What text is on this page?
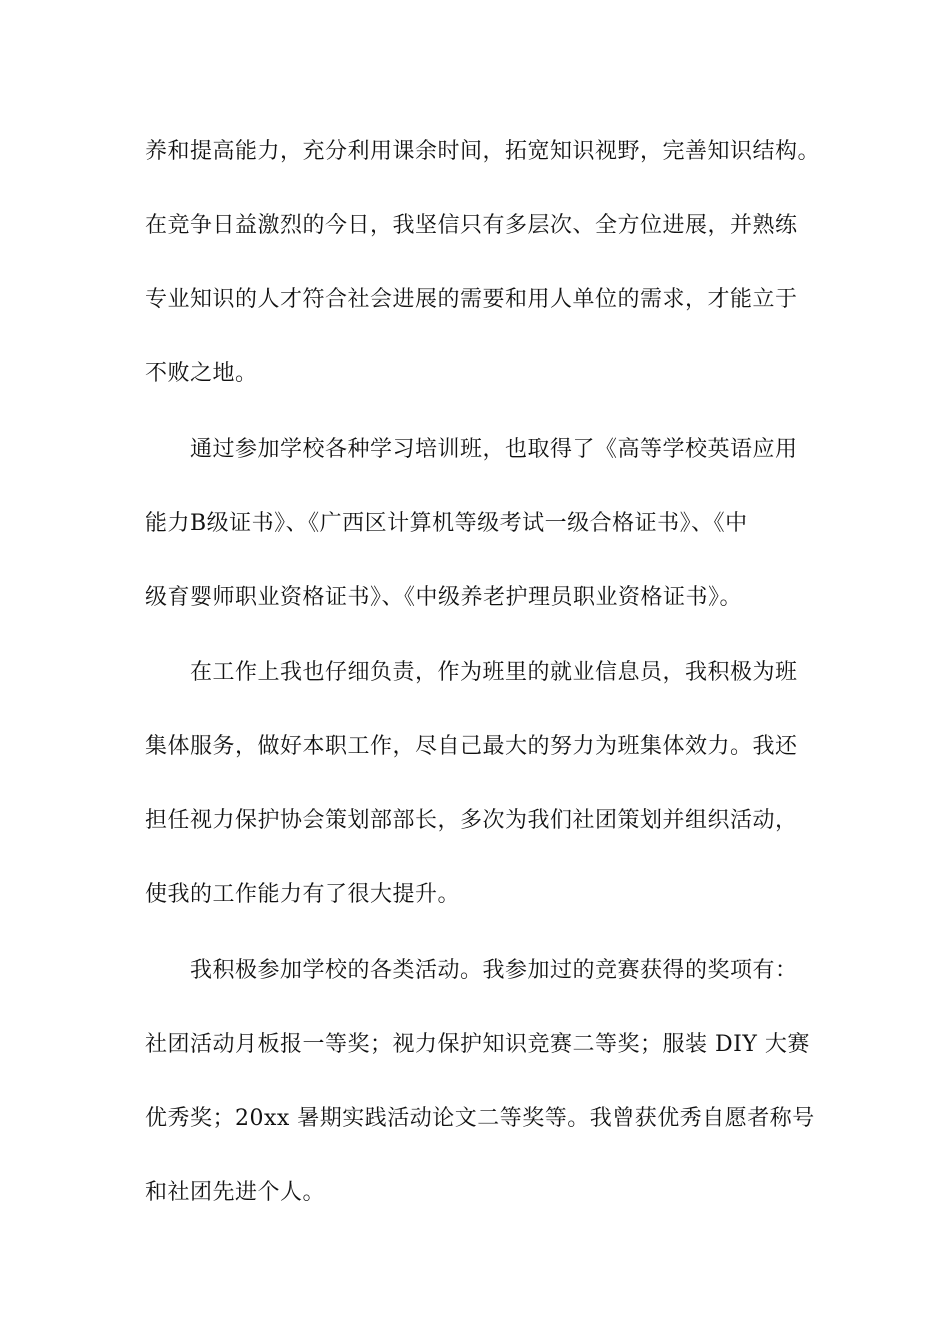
养和提高能力，充分利用课余时间，拓宽知识视野，完善知识结构。
在竞争日益激烈的今日，我坚信只有多层次、全方位进展，并熟练
专业知识的人才符合社会进展的需要和用人单位的需求，才能立于
不败之地。
通过参加学校各种学习培训班，也取得了《高等学校英语应用
能力B级证书》、《广西区计算机等级考试一级合格证书》、《中
级育婴师职业资格证书》、《中级养老护理员职业资格证书》。
在工作上我也仔细负责，作为班里的就业信息员，我积极为班
集体服务，做好本职工作，尽自己最大的努力为班集体效力。我还
担任视力保护协会策划部部长，多次为我们社团策划并组织活动，
使我的工作能力有了很大提升。
我积极参加学校的各类活动。我参加过的竞赛获得的奖项有：
社团活动月板报一等奖；视力保护知识竞赛二等奖；服装 DIY 大赛
优秀奖；20xx 暑期实践活动论文二等奖等。我曾获优秀自愿者称号
和社团先进个人。
